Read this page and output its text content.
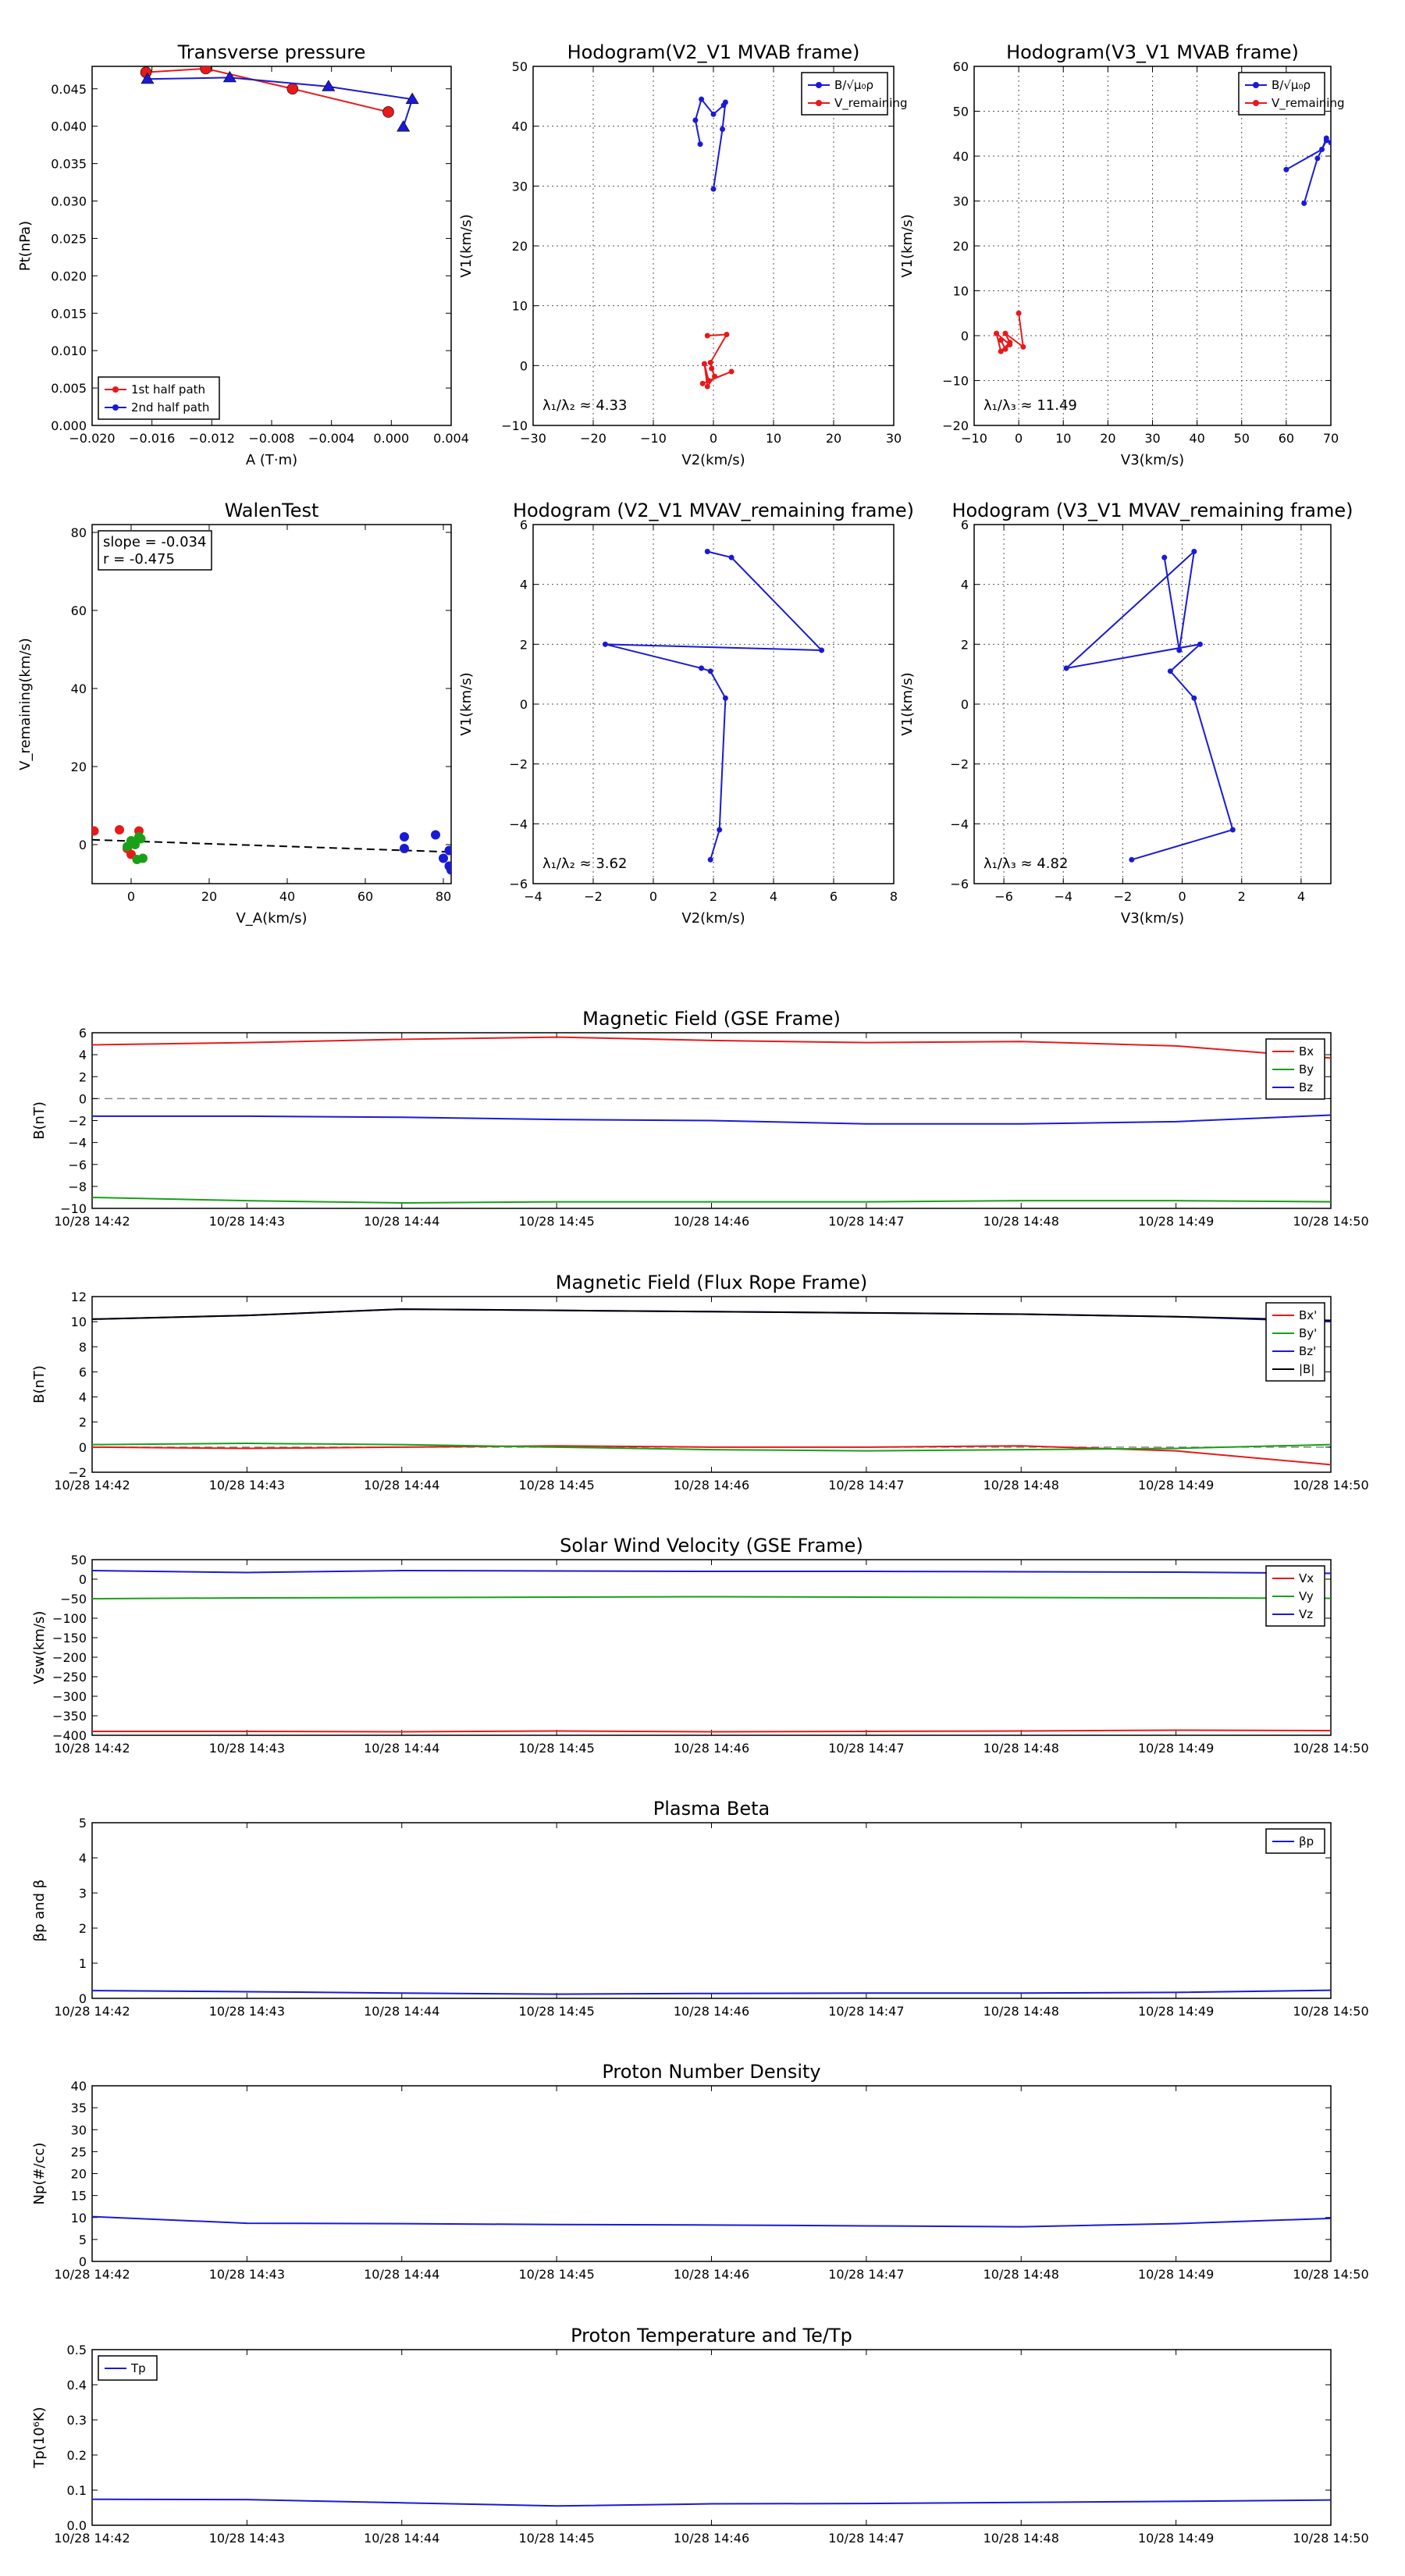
−0.020 −0.016 −0.012 −0.008 −0.004 0.000 0.004
0.000
0.005
0.010
0.015
0.020
0.025
0.030
0.035
0.040
0.045
Transverse pressure
A (T·m)
Pt(nPa)
1st half path
2nd half path
−30	−20	−10	0	10	20	30
−10
0
10
20
30
40
50
Hodogram(V2_V1 MVAB frame)
V2(km/s)
V1(km/s)
λ₁/λ₂ ≈ 4.33
B/√μ₀ρ
V_remaining
−10 0	10 20 30 40 50 60 70
−20
−10
0
10
20
30
40
50
60
Hodogram(V3_V1 MVAB frame)
V3(km/s)
V1(km/s)
λ₁/λ₃ ≈ 11.49
B/√μ₀ρ
V_remaining
0	20	40	60	80
0
20
40
60
80
WalenTest
V_A(km/s)
V_remaining(km/s)
slope = -0.034
r = -0.475
−4	−2	0	2	4	6	8
−6
−4
−2
0
2
4
6
Hodogram (V2_V1 MVAV_remaining frame)
V2(km/s)
V1(km/s)
λ₁/λ₂ ≈ 3.62
−6	−4	−2	0	2	4
−6
−4
−2
0
2
4
6
Hodogram (V3_V1 MVAV_remaining frame)
V3(km/s)
V1(km/s)
λ₁/λ₃ ≈ 4.82
10/28 14:42	10/28 14:43	10/28 14:44	10/28 14:45	10/28 14:46	10/28 14:47	10/28 14:48	10/28 14:49	10/28 14:50
−10
−8
−6
−4
−2
0
2
4
6
Magnetic Field (GSE Frame)
B(nT)
Bx
By
Bz
10/28 14:42	10/28 14:43	10/28 14:44	10/28 14:45	10/28 14:46	10/28 14:47	10/28 14:48	10/28 14:49	10/28 14:50
−2
0
2
4
6
8
10
12
Magnetic Field (Flux Rope Frame)
B(nT)
Bx'
By'
Bz'
|B|
10/28 14:42	10/28 14:43	10/28 14:44	10/28 14:45	10/28 14:46	10/28 14:47	10/28 14:48	10/28 14:49	10/28 14:50
−400
−350
−300
−250
−200
−150
−100
−50
0
50
Solar Wind Velocity (GSE Frame)
Vsw(km/s)
Vx
Vy
Vz
10/28 14:42	10/28 14:43	10/28 14:44	10/28 14:45	10/28 14:46	10/28 14:47	10/28 14:48	10/28 14:49	10/28 14:50
0
1
2
3
4
5
Plasma Beta
βp and β
βp
10/28 14:42	10/28 14:43	10/28 14:44	10/28 14:45	10/28 14:46	10/28 14:47	10/28 14:48	10/28 14:49	10/28 14:50
0
5
10
15
20
25
30
35
40
Proton Number Density
Np(#/cc)
10/28 14:42	10/28 14:43	10/28 14:44	10/28 14:45	10/28 14:46	10/28 14:47	10/28 14:48	10/28 14:49	10/28 14:50
0.0
0.1
0.2
0.3
0.4
0.5
Proton Temperature and Te/Tp
Tp(10⁶K)
Tp
